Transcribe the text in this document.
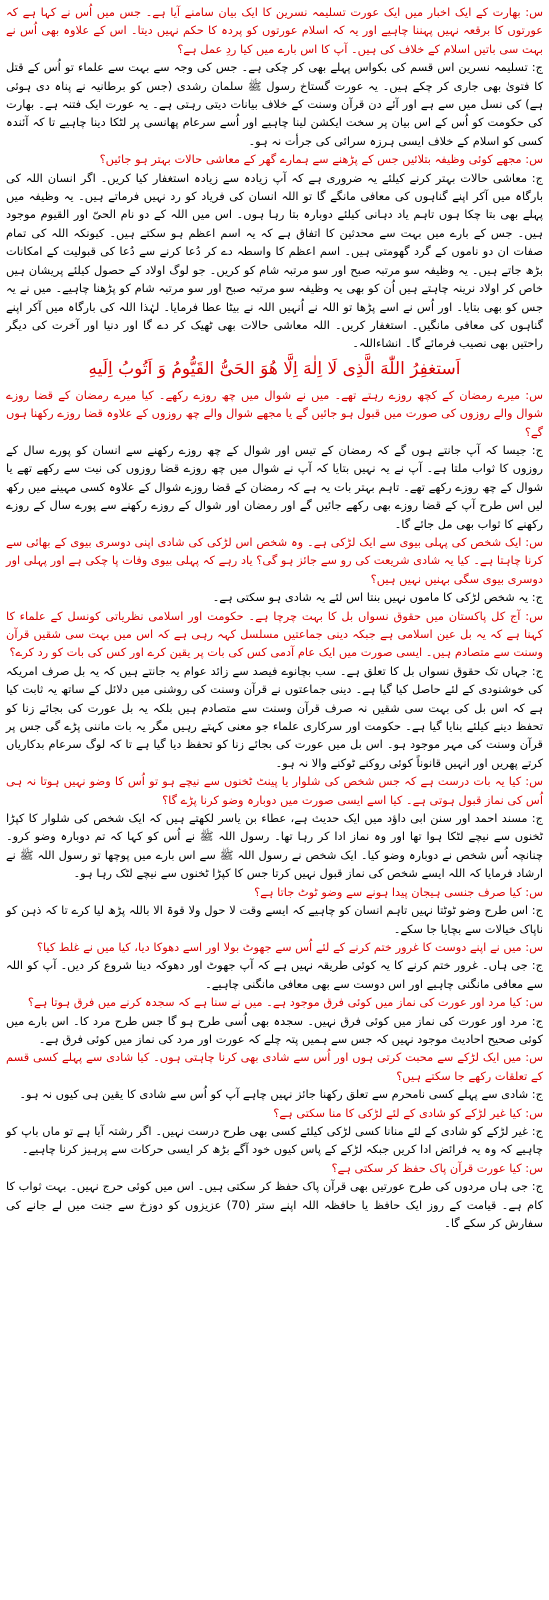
س: بھارت کے ایک اخبار میں ایک عورت تسلیمہ نسرین کا ایک بیان سامنے آیا ہے۔ جس میں اُس نے کہا ہے کہ عورتوں کا برقعہ نہیں پہننا چاہیے اور یہ کہ اسلام عورتوں کو پردہ کا حکم نہیں دیتا۔ اس کے علاوہ بھی اُس نے بہت سی باتیں اسلام کے خلاف کی ہیں۔ آپ کا اس بارے میں کیا ردِ عمل ہے؟
ج: تسلیمہ نسرین اس قسم کی بکواس پہلے بھی کر چکی ہے۔ جس کی وجہ سے بہت سے علماء تو اُس کے قتل کا فتویٰ بھی جاری کر چکے ہیں۔ یہ عورت گستاخ رسول ﷺ سلمان رشدی (جس کو برطانیہ نے پناہ دی ہوئی ہے) کی نسل میں سے ہے اور آئے دن قرآن وسنت کے خلاف بیانات دیتی رہتی ہے۔ یہ عورت ایک فتنہ ہے۔ بھارت کی حکومت کو اُس کے اس بیان پر سخت ایکشن لینا چاہیے اور اُسے سرعام پھانسی پر لٹکا دینا چاہیے تا کہ آئندہ کسی کو اسلام کے خلاف ایسی ہرزہ سرائی کی جرأت نہ ہو۔
س: مجھے کوئی وظیفہ بتلائیں جس کے پڑھنے سے ہمارے گھر کے معاشی حالات بہتر ہو جائیں؟
ج: معاشی حالات بہتر کرنے کیلئے یہ ضروری ہے کہ آپ زیادہ سے زیادہ استغفار کیا کریں۔ اگر انسان اللہ کی بارگاہ میں آکر اپنے گناہوں کی معافی مانگے گا تو اللہ انسان کی فریاد کو رد نہیں فرماتے ہیں۔ یہ وظیفہ میں پہلے بھی بتا چکا ہوں تاہم یاد دہانی کیلئے دوبارہ بتا رہا ہوں۔ اس میں اللہ کے دو نام الحیّ اور القیوم موجود ہیں۔ جس کے بارے میں بہت سے محدثین کا اتفاق ہے کہ یہ اسم اعظم ہو سکتے ہیں۔ کیونکہ اللہ کی تمام صفات ان دو ناموں کے گرد گھومتی ہیں۔ اسم اعظم کا واسطہ دے کر دُعا کرنے سے دُعا کی قبولیت کے امکانات بڑھ جاتے ہیں۔ یہ وظیفہ سو مرتبہ صبح اور سو مرتبہ شام کو کریں۔ جو لوگ اولاد کے حصول کیلئے پریشان ہیں خاص کر اولاد نرینہ چاہتے ہیں اُن کو بھی یہ وظیفہ سو مرتبہ صبح اور سو مرتبہ شام کو پڑھنا چاہیے۔ میں نے یہ جس کو بھی بتایا۔ اور اُس نے اسے پڑھا تو اللہ نے اُنہیں اللہ نے بیٹا عطا فرمایا۔ لہٰذا اللہ کی بارگاہ میں آکر اپنے گناہوں کی معافی مانگیں۔ استغفار کریں۔ اللہ معاشی حالات بھی ٹھیک کر دے گا اور دنیا اور آخرت کی دیگر راحتیں بھی نصیب فرمائے گا۔ انشاءاللہ۔
اَستغفِرُ اللّٰهَ الَّذِی لَا اِلٰهَ اِلَّا هُوَ الحَیُّ القَیُّومُ وَ اَتُوبُ اِلَیهِ
س: میرے رمضان کے کچھ روزے رہتے تھے۔ میں نے شوال میں چھ روزے رکھے۔ کیا میرے رمضان کے قضا روزے شوال والے روزوں کی صورت میں قبول ہو جائیں گے یا مجھے شوال والے چھ روزوں کے علاوہ قضا روزے رکھنا ہوں گے؟
ج: جیسا کہ آپ جانتے ہوں گے کہ رمضان کے تیس اور شوال کے چھ روزے رکھنے سے انسان کو پورے سال کے روزوں کا ثواب ملتا ہے۔ آپ نے یہ نہیں بتایا کہ آپ نے شوال میں چھ روزے قضا روزوں کی نیت سے رکھے تھے یا شوال کے چھ روزے رکھے تھے۔ تاہم بہتر بات یہ ہے کہ رمضان کے قضا روزے شوال کے علاوہ کسی مہینے میں رکھ لیں اس طرح آپ کے قضا روزے بھی رکھے جائیں گے اور رمضان اور شوال کے روزے رکھنے سے پورے سال کے روزے رکھنے کا ثواب بھی مل جائے گا۔
س: ایک شخص کی پہلی بیوی سے ایک لڑکی ہے۔ وہ شخص اس لڑکی کی شادی اپنی دوسری بیوی کے بھائی سے کرنا چاہتا ہے۔ کیا یہ شادی شریعت کی رو سے جائز ہو گی؟ یاد رہے کہ پہلی بیوی وفات پا چکی ہے اور پہلی اور دوسری بیوی سگی بہنیں نہیں ہیں؟
ج: یہ شخص لڑکی کا ماموں نہیں بنتا اس لئے یہ شادی ہو سکتی ہے۔
س: آج کل پاکستان میں حقوق نسواں بل کا بہت چرچا ہے۔ حکومت اور اسلامی نظریاتی کونسل کے علماء کا کہنا ہے کہ یہ بل عین اسلامی ہے جبکہ دینی جماعتیں مسلسل کہہ رہی ہے کہ اس میں بہت سی شقیں قرآن وسنت سے متصادم ہیں۔ ایسی صورت میں ایک عام آدمی کس کی بات پر یقین کرے اور کس کی بات کو رد کرے؟
ج: جہاں تک حقوق نسواں بل کا تعلق ہے۔ سب بچانوے فیصد سے زائد عوام یہ جانتے ہیں کہ یہ بل صرف امریکہ کی خوشنودی کے لئے حاصل کیا گیا ہے۔ دینی جماعتوں نے قرآن وسنت کی روشنی میں دلائل کے ساتھ یہ ثابت کیا ہے کہ اس بل کی بہت سی شقیں نہ صرف قرآن وسنت سے متصادم ہیں بلکہ یہ بل عورت کی بجائے زنا کو تحفظ دینے کیلئے بنایا گیا ہے۔ حکومت اور سرکاری علماء جو معنی کہتے رہیں مگر یہ بات ماننی پڑے گی جس پر قرآن وسنت کی مہر موجود ہو۔ اس بل میں عورت کی بجائے زنا کو تحفظ دیا گیا ہے تا کہ لوگ سرعام بدکاریاں کرتے پھریں اور انہیں قانوناً کوئی روکنے ٹوکنے والا نہ ہو۔
س: کیا یہ بات درست ہے کہ جس شخص کی شلوار یا پینٹ ٹخنوں سے نیچے ہو تو اُس کا وضو نہیں ہوتا نہ ہی اُس کی نماز قبول ہوتی ہے۔ کیا اسے ایسی صورت میں دوبارہ وضو کرنا پڑے گا؟
ج: مسند احمد اور سنن ابی داؤد میں ایک حدیث ہے، عطاء بن یاسر لکھتے ہیں کہ ایک شخص کی شلوار کا کپڑا ٹخنوں سے نیچے لٹکا ہوا تھا اور وہ نماز ادا کر رہا تھا۔ رسول اللہ ﷺ نے اُس کو کہا کہ تم دوبارہ وضو کرو۔ چنانچہ اُس شخص نے دوبارہ وضو کیا۔ ایک شخص نے رسول اللہ ﷺ سے اس بارے میں پوچھا تو رسول اللہ ﷺ نے ارشاد فرمایا کہ اللہ ایسے شخص کی نماز قبول نہیں کرتا جس کا کپڑا ٹخنوں سے نیچے لٹک رہا ہو۔
س: کیا صرف جنسی ہیجان پیدا ہونے سے وضو ٹوٹ جاتا ہے؟
ج: اس طرح وضو ٹوٹتا نہیں تاہم انسان کو چاہیے کہ ایسے وقت لا حول ولا قوۃ الا باللہ پڑھ لیا کرے تا کہ ذہن کو ناپاک خیالات سے بچایا جا سکے۔
س: میں نے اپنے دوست کا غرور ختم کرنے کے لئے اُس سے جھوٹ بولا اور اسے دھوکا دیا، کیا میں نے غلط کیا؟
ج: جی ہاں۔ غرور ختم کرنے کا یہ کوئی طریقہ نہیں ہے کہ آپ جھوٹ اور دھوکہ دینا شروع کر دیں۔ آپ کو اللہ سے معافی مانگنی چاہیے اور اس دوست سے بھی معافی مانگنی چاہیے۔
س: کیا مرد اور عورت کی نماز میں کوئی فرق موجود ہے۔ میں نے سنا ہے کہ سجدہ کرنے میں فرق ہوتا ہے؟
ج: مرد اور عورت کی نماز میں کوئی فرق نہیں۔ سجدہ بھی اُسی طرح ہو گا جس طرح مرد کا۔ اس بارے میں کوئی صحیح احادیث موجود نہیں کہ جس سے ہمیں پتہ چلے کہ عورت اور مرد کی نماز میں کوئی فرق ہے۔
س: میں ایک لڑکے سے محبت کرتی ہوں اور اُس سے شادی بھی کرنا چاہتی ہوں۔ کیا شادی سے پہلے کسی قسم کے تعلقات رکھے جا سکتے ہیں؟
ج: شادی سے پہلے کسی نامحرم سے تعلق رکھنا جائز نہیں چاہے آپ کو اُس سے شادی کا یقین ہی کیوں نہ ہو۔
س: کیا غیر لڑکے کو شادی کے لئے لڑکی کا منا سکتی ہے؟
ج: غیر لڑکے کو شادی کے لئے منانا کسی لڑکی کیلئے کسی بھی طرح درست نہیں۔ اگر رشتہ آیا ہے تو ماں باپ کو چاہیے کہ وہ یہ فرائض ادا کریں جبکہ لڑکے کے پاس کیوں خود آگے بڑھ کر ایسی حرکات سے پرہیز کرنا چاہیے۔
س: کیا عورت قرآن پاک حفظ کر سکتی ہے؟
ج: جی ہاں مردوں کی طرح عورتیں بھی قرآن پاک حفظ کر سکتی ہیں۔ اس میں کوئی حرج نہیں۔ بہت ثواب کا کام ہے۔ قیامت کے روز ایک حافظ یا حافظہ اللہ اپنے ستر (70) عزیزوں کو دوزخ سے جنت میں لے جانے کی سفارش کر سکے گا۔
